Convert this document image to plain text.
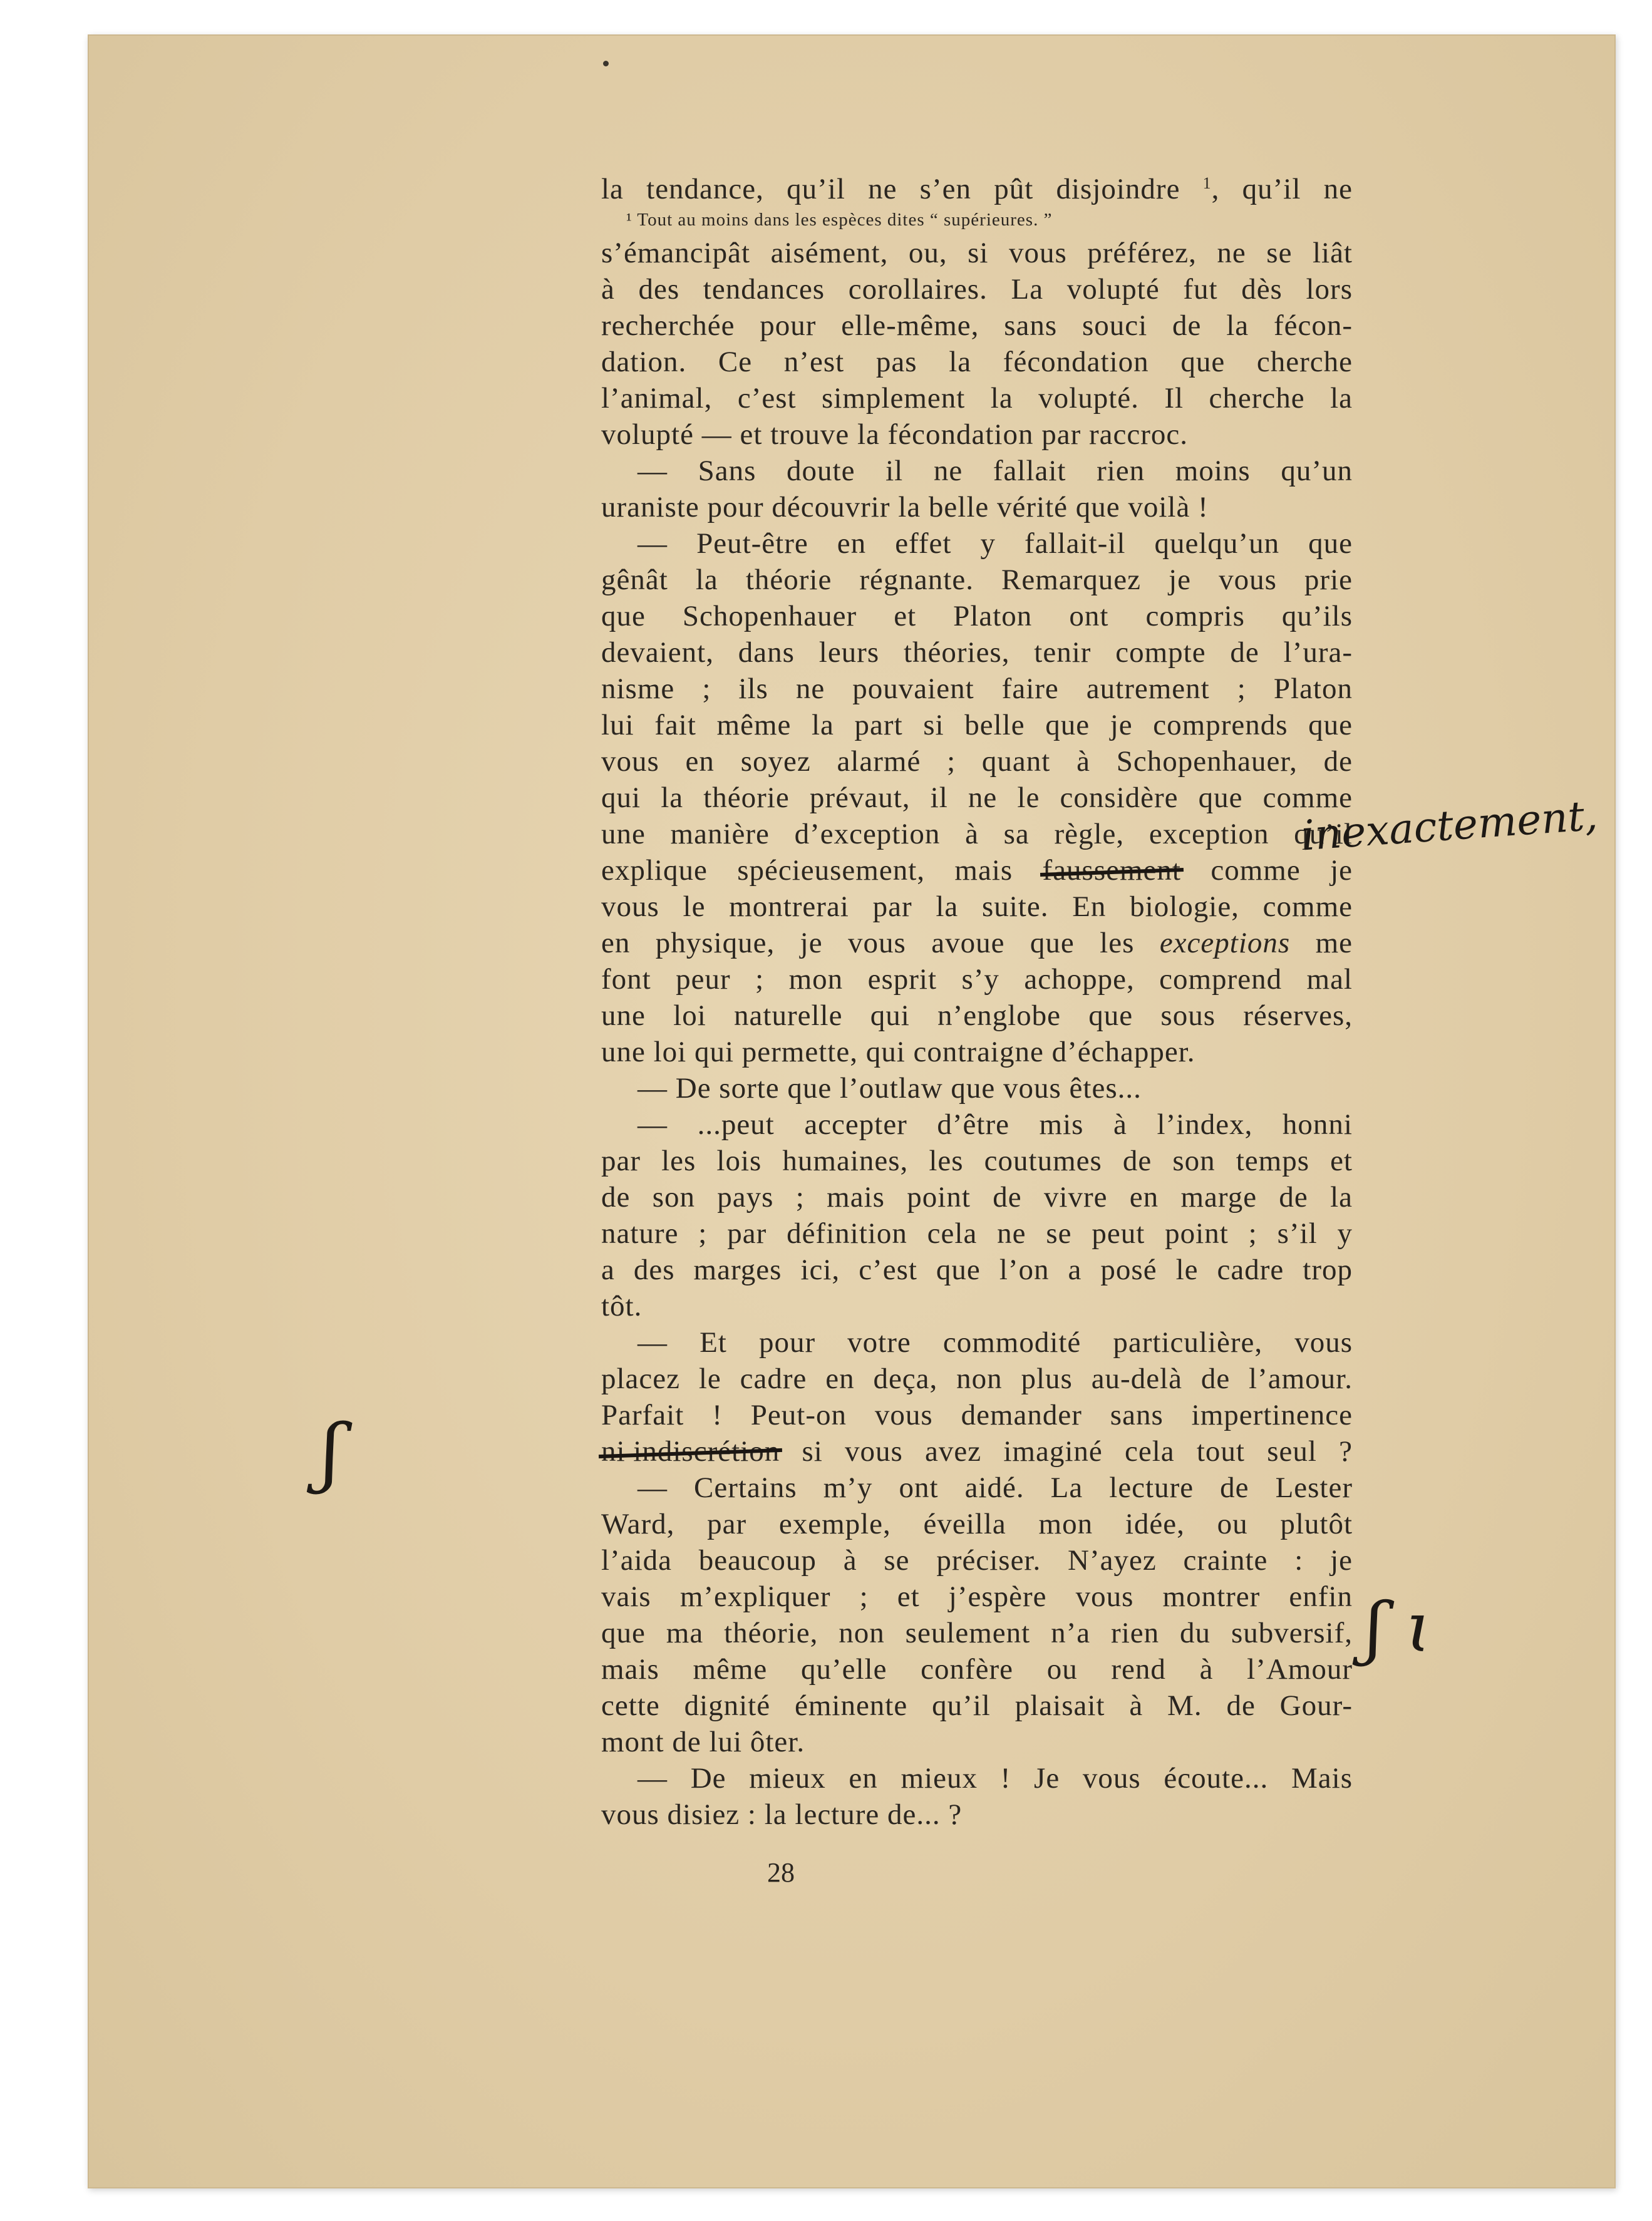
la tendance, qu’il ne s’en pût disjoindre $^1$, qu’il ne
¹ Tout au moins dans les espèces dites “ supérieures. ”
s’émancipât aisément, ou, si vous préférez, ne se liât
à des tendances corollaires. La volupté fut dès lors
recherchée pour elle-même, sans souci de la fécon-
dation. Ce n’est pas la fécondation que cherche
l’animal, c’est simplement la volupté. Il cherche la
volupté — et trouve la fécondation par raccroc.
— Sans doute il ne fallait rien moins qu’un
uraniste pour découvrir la belle vérité que voilà !
— Peut-être en effet y fallait-il quelqu’un que
gênât la théorie régnante. Remarquez je vous prie
que Schopenhauer et Platon ont compris qu’ils
devaient, dans leurs théories, tenir compte de l’ura-
nisme ; ils ne pouvaient faire autrement ; Platon
lui fait même la part si belle que je comprends que
vous en soyez alarmé ; quant à Schopenhauer, de
qui la théorie prévaut, il ne le considère que comme
une manière d’exception à sa règle, exception qu’il
explique spécieusement, mais faussement comme je
vous le montrerai par la suite. En biologie, comme
en physique, je vous avoue que les exceptions me
font peur ; mon esprit s’y achoppe, comprend mal
une loi naturelle qui n’englobe que sous réserves,
une loi qui permette, qui contraigne d’échapper.
— De sorte que l’outlaw que vous êtes...
— ...peut accepter d’être mis à l’index, honni
par les lois humaines, les coutumes de son temps et
de son pays ; mais point de vivre en marge de la
nature ; par définition cela ne se peut point ; s’il y
a des marges ici, c’est que l’on a posé le cadre trop
tôt.
— Et pour votre commodité particulière, vous
placez le cadre en deça, non plus au-delà de l’amour.
Parfait ! Peut-on vous demander sans impertinence
ni indiscrétion si vous avez imaginé cela tout seul ?
— Certains m’y ont aidé. La lecture de Lester
Ward, par exemple, éveilla mon idée, ou plutôt
l’aida beaucoup à se préciser. N’ayez crainte : je
vais m’expliquer ; et j’espère vous montrer enfin
que ma théorie, non seulement n’a rien du subversif,
mais même qu’elle confère ou rend à l’Amour
cette dignité éminente qu’il plaisait à M. de Gour-
mont de lui ôter.
— De mieux en mieux ! Je vous écoute... Mais
vous disiez : la lecture de... ?
28
inexactement,
ʃ
ʃ ɩ
